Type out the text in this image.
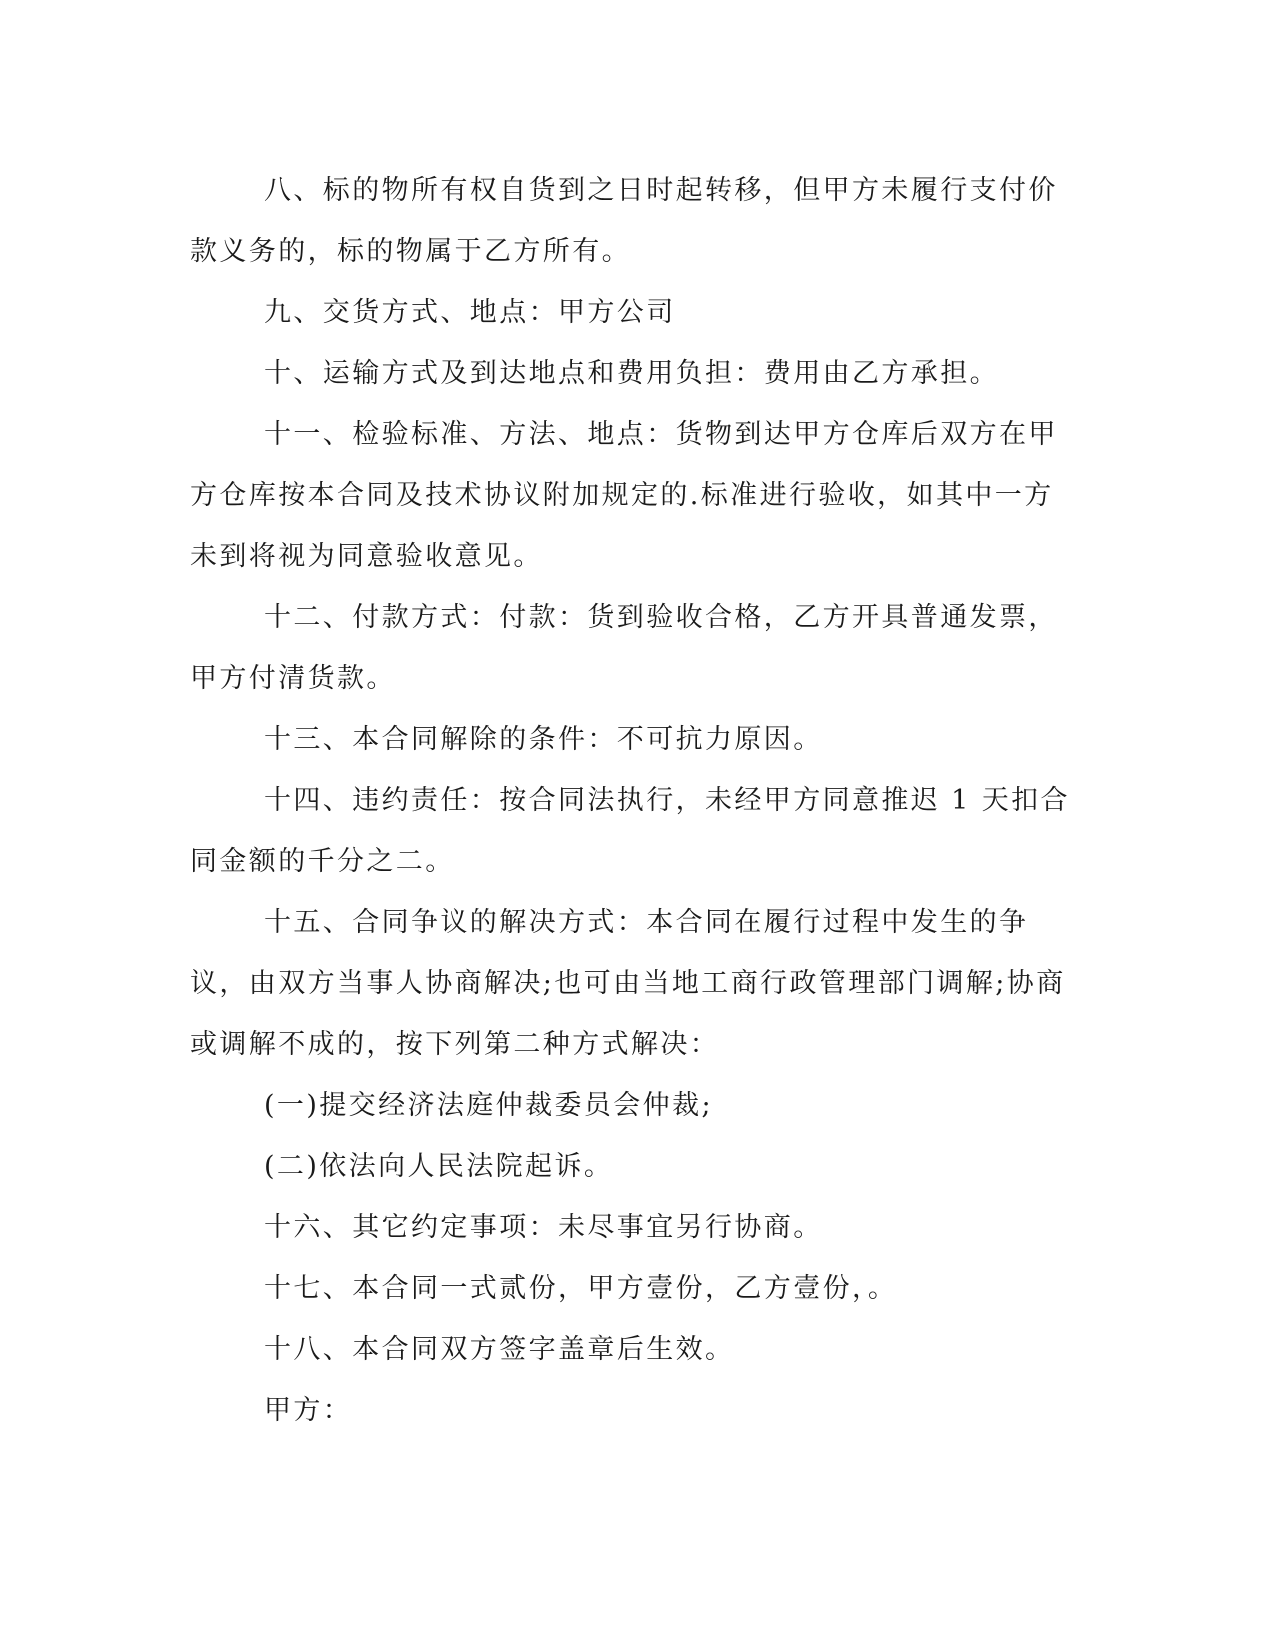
八、标的物所有权自货到之日时起转移，但甲方未履行支付价款义务的，标的物属于乙方所有。

九、交货方式、地点：甲方公司

十、运输方式及到达地点和费用负担：费用由乙方承担。

十一、检验标准、方法、地点：货物到达甲方仓库后双方在甲方仓库按本合同及技术协议附加规定的.标准进行验收，如其中一方未到将视为同意验收意见。

十二、付款方式：付款：货到验收合格，乙方开具普通发票，甲方付清货款。

十三、本合同解除的条件：不可抗力原因。

十四、违约责任：按合同法执行，未经甲方同意推迟 1 天扣合同金额的千分之二。

十五、合同争议的解决方式：本合同在履行过程中发生的争议，由双方当事人协商解决;也可由当地工商行政管理部门调解;协商或调解不成的，按下列第二种方式解决：

(一)提交经济法庭仲裁委员会仲裁;

(二)依法向人民法院起诉。

十六、其它约定事项：未尽事宜另行协商。

十七、本合同一式贰份，甲方壹份，乙方壹份，。

十八、本合同双方签字盖章后生效。

甲方：
